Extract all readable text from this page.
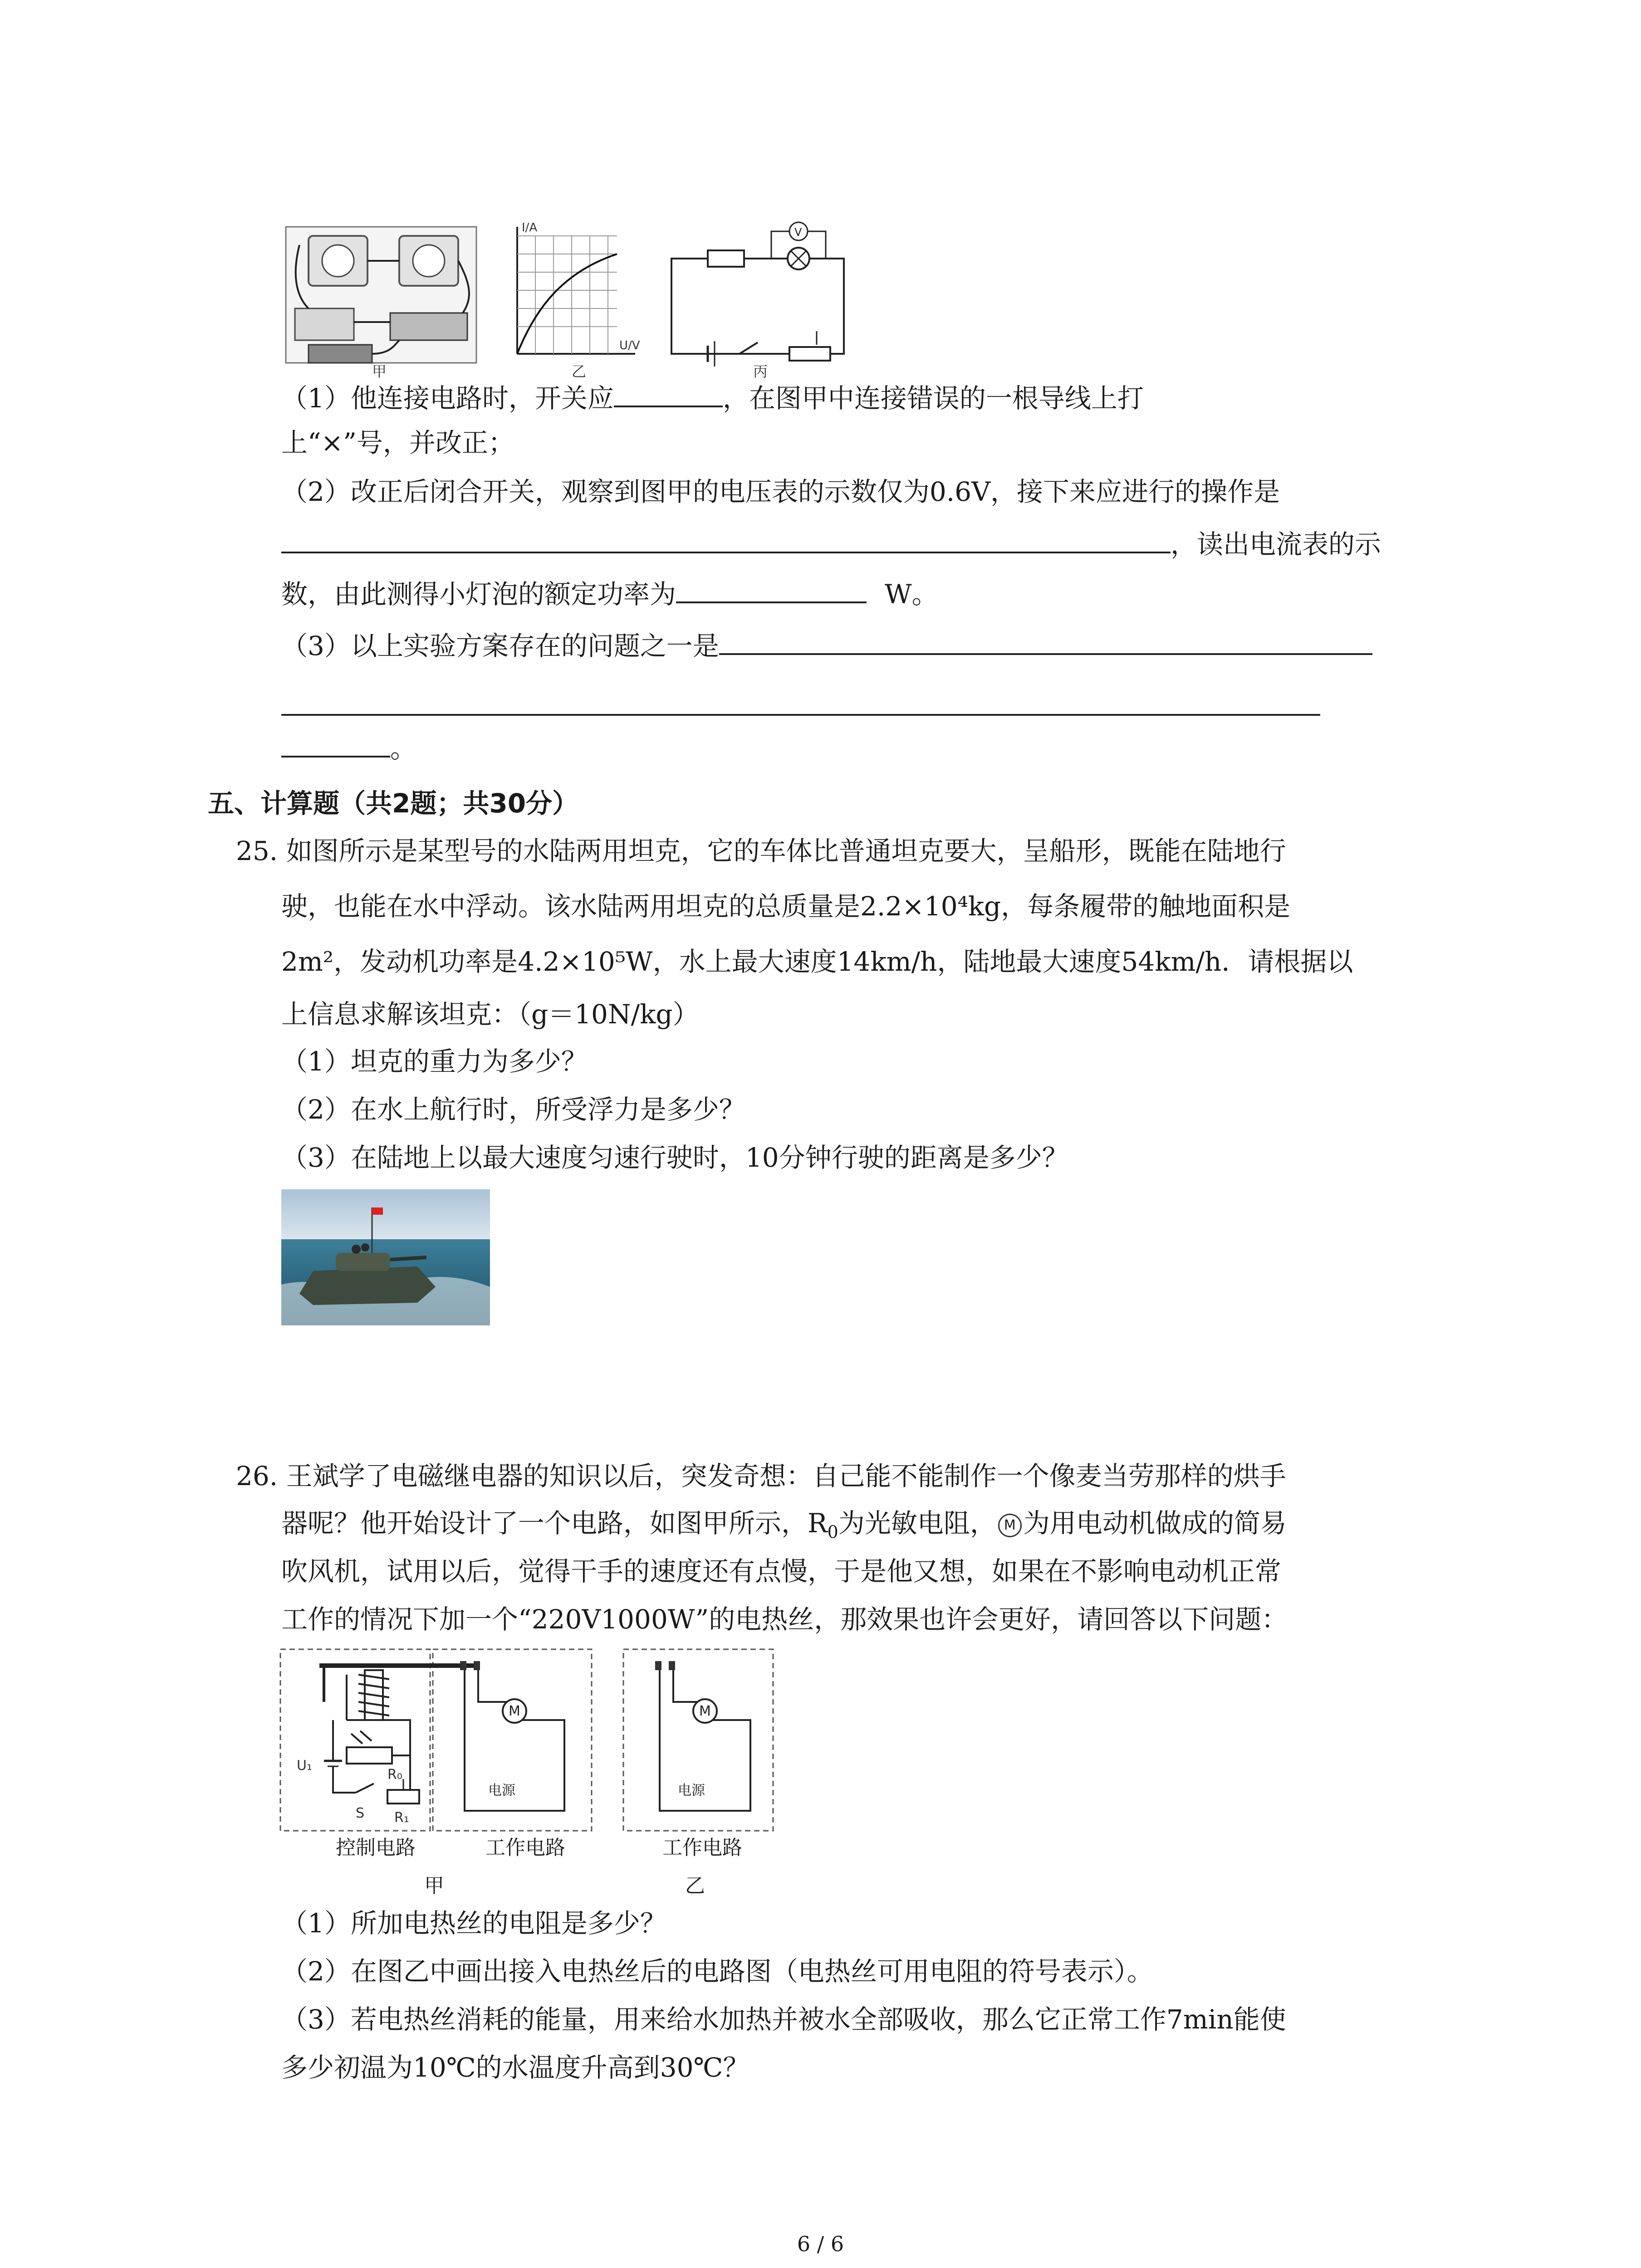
甲
I/A
U/V
乙
V
丙
（1）他连接电路时，开关应	，在图甲中连接错误的一根导线上打
上“×”号，并改正；
（2）改正后闭合开关，观察到图甲的电压表的示数仅为0.6V，接下来应进行的操作是
，读出电流表的示
数，由此测得小灯泡的额定功率为	W。
（3）以上实验方案存在的问题之一是
。
五、计算题（共2题；共30分）
25. 如图所示是某型号的水陆两用坦克，它的车体比普通坦克要大，呈船形，既能在陆地行
驶，也能在水中浮动。该水陆两用坦克的总质量是2.2×10⁴kg，每条履带的触地面积是
2m²，发动机功率是4.2×10⁵W，水上最大速度14km/h，陆地最大速度54km/h．请根据以
上信息求解该坦克：（g＝10N/kg）
（1）坦克的重力为多少？
（2）在水上航行时，所受浮力是多少？
（3）在陆地上以最大速度匀速行驶时，10分钟行驶的距离是多少？
26. 王斌学了电磁继电器的知识以后，突发奇想：自己能不能制作一个像麦当劳那样的烘手
器呢？他开始设计了一个电路，如图甲所示，$R_0$为光敏电阻， M 为用电动机做成的简易
吹风机，试用以后，觉得干手的速度还有点慢，于是他又想，如果在不影响电动机正常
工作的情况下加一个“220V1000W”的电热丝，那效果也许会更好，请回答以下问题：
U₁
R₀
S R₁
M
电源
M
电源
控制电路	工作电路	工作电路
甲	乙
（1）所加电热丝的电阻是多少？
（2）在图乙中画出接入电热丝后的电路图（电热丝可用电阻的符号表示）。
（3）若电热丝消耗的能量，用来给水加热并被水全部吸收，那么它正常工作7min能使
多少初温为10℃的水温度升高到30℃？
6 / 6
